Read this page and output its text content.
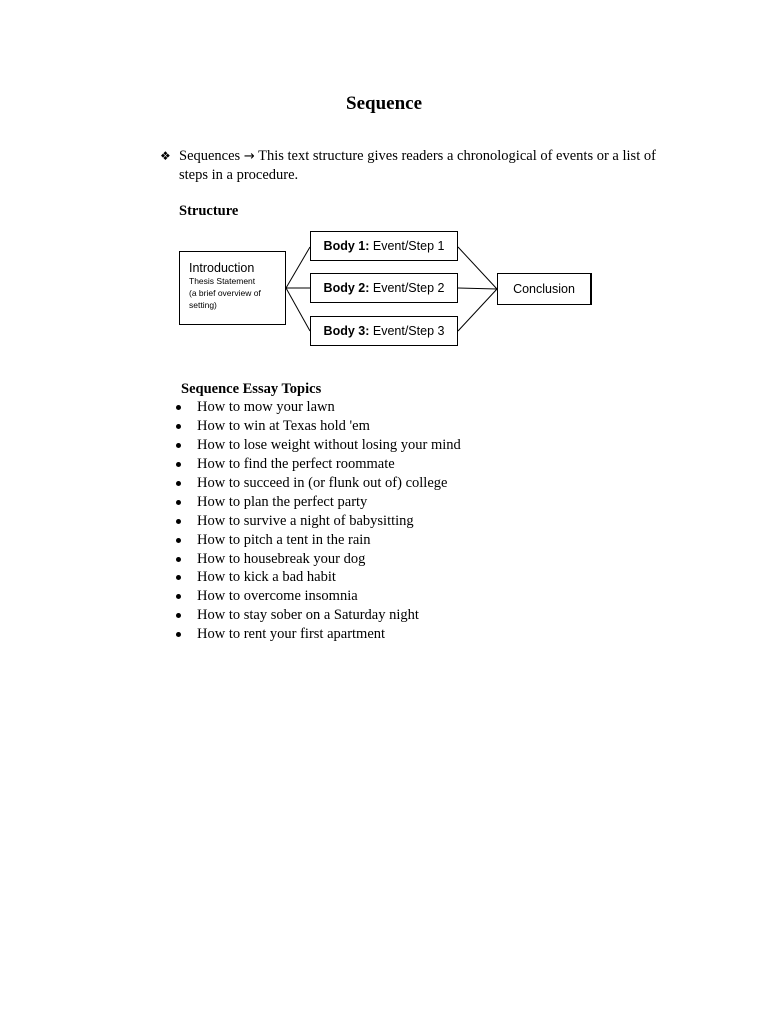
Sequence
❖ Sequences → This text structure gives readers a chronological of events or a list of steps in a procedure.
Structure
Introduction
Thesis Statement
(a brief overview of setting)
Body 1: Event/Step 1
Body 2: Event/Step 2
Body 3: Event/Step 3
Conclusion
Sequence Essay Topics
How to mow your lawn
How to win at Texas hold 'em
How to lose weight without losing your mind
How to find the perfect roommate
How to succeed in (or flunk out of) college
How to plan the perfect party
How to survive a night of babysitting
How to pitch a tent in the rain
How to housebreak your dog
How to kick a bad habit
How to overcome insomnia
How to stay sober on a Saturday night
How to rent your first apartment
